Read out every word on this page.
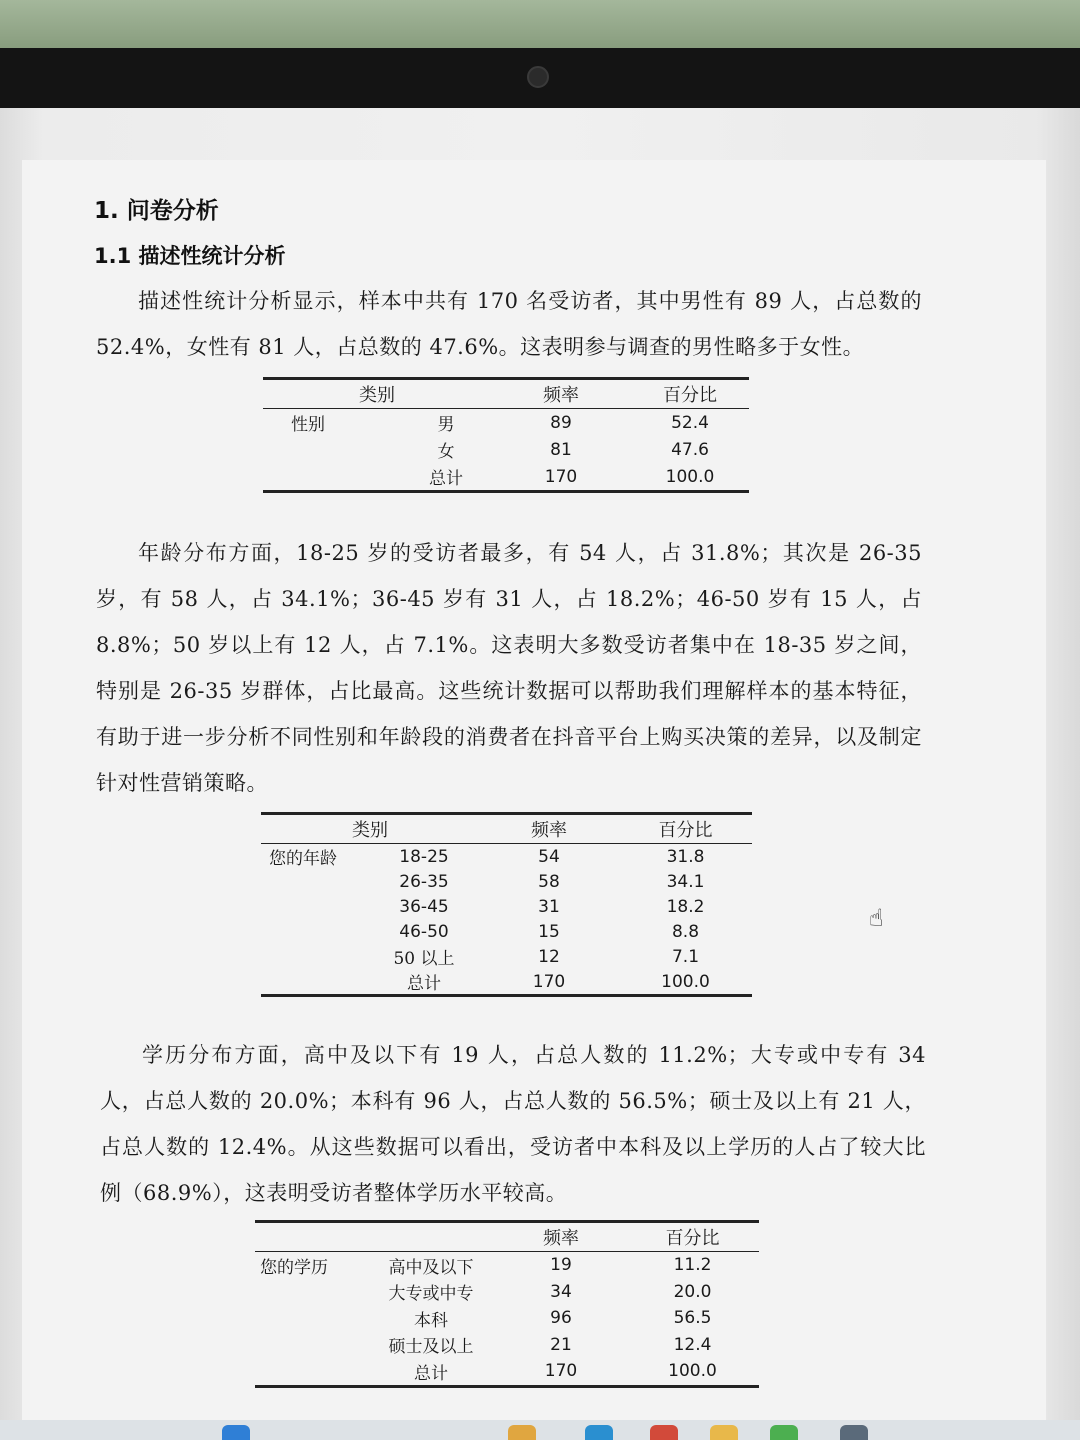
1. 问卷分析
1.1 描述性统计分析
描述性统计分析显示，样本中共有 170 名受访者，其中男性有 89 人，占总数的 52.4%，女性有 81 人，占总数的 47.6%。这表明参与调查的男性略多于女性。
类别		频率	百分比
性别	男	89	52.4
	女	81	47.6
	总计	170	100.0
年龄分布方面，18-25 岁的受访者最多，有 54 人，占 31.8%；其次是 26-35 岁，有 58 人，占 34.1%；36-45 岁有 31 人，占 18.2%；46-50 岁有 15 人，占 8.8%；50 岁以上有 12 人，占 7.1%。这表明大多数受访者集中在 18-35 岁之间，特别是 26-35 岁群体，占比最高。这些统计数据可以帮助我们理解样本的基本特征，有助于进一步分析不同性别和年龄段的消费者在抖音平台上购买决策的差异，以及制定针对性营销策略。
类别		频率	百分比
您的年龄	18-25	54	31.8
	26-35	58	34.1
	36-45	31	18.2
	46-50	15	8.8
	50 以上	12	7.1
	总计	170	100.0
学历分布方面，高中及以下有 19 人，占总人数的 11.2%；大专或中专有 34 人，占总人数的 20.0%；本科有 96 人，占总人数的 56.5%；硕士及以上有 21 人，占总人数的 12.4%。从这些数据可以看出，受访者中本科及以上学历的人占了较大比例（68.9%），这表明受访者整体学历水平较高。
		频率	百分比
您的学历	高中及以下	19	11.2
	大专或中专	34	20.0
	本科	96	56.5
	硕士及以上	21	12.4
	总计	170	100.0
☝
